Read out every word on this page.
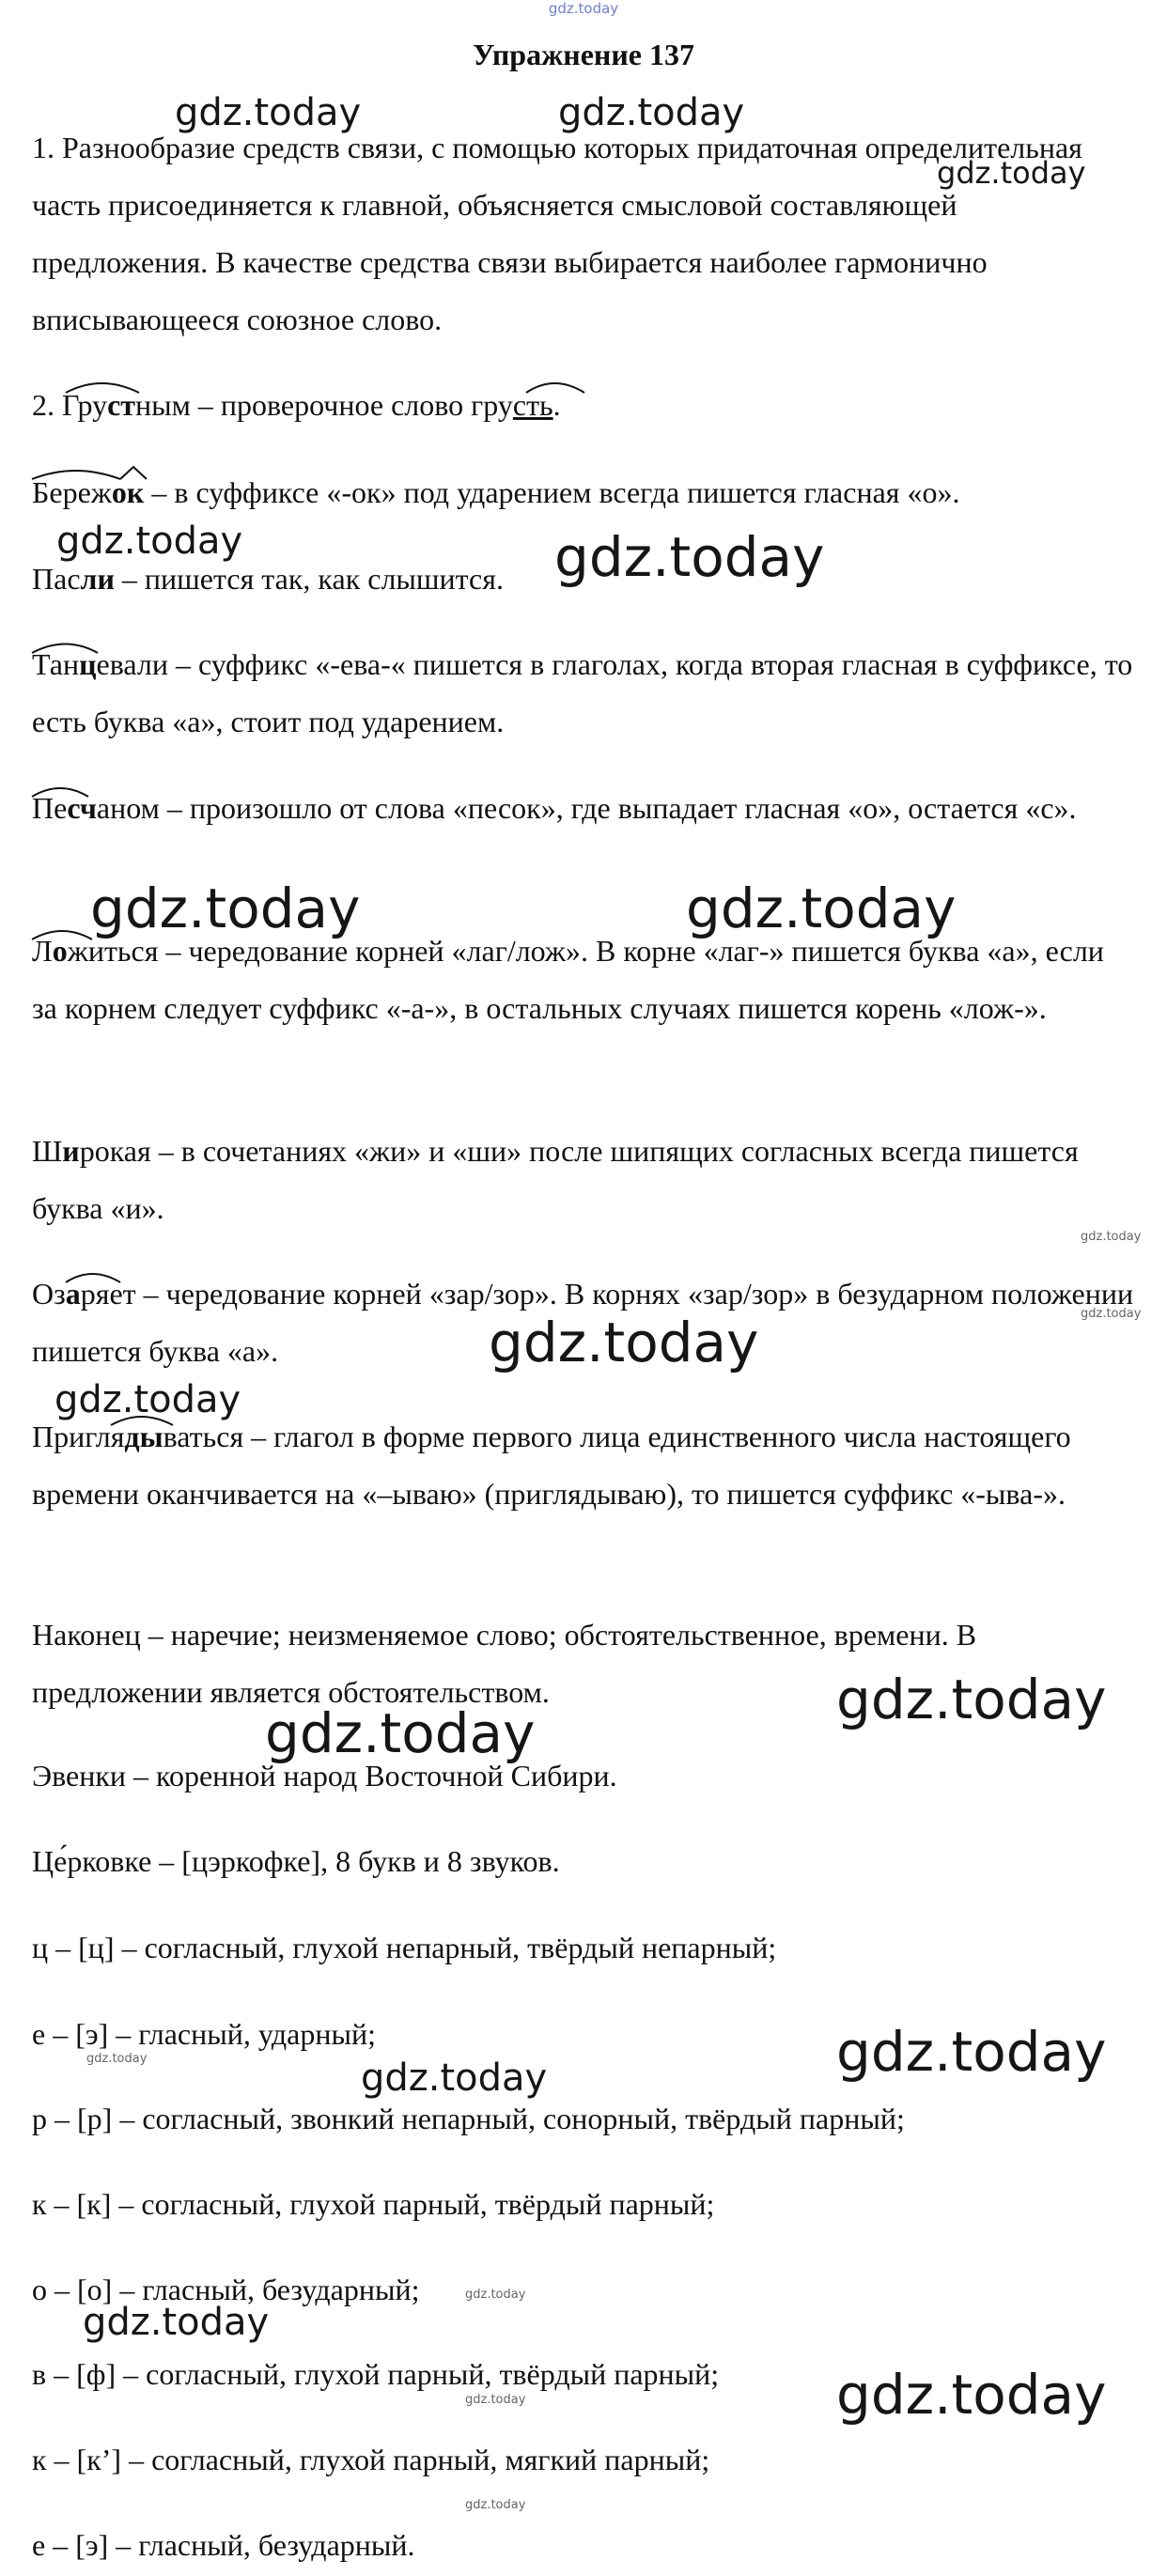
gdz.today
Упражнение 137
1. Разнообразие средств связи, с помощью которых придаточная определительная часть присоединяется к главной, объясняется смысловой составляющей предложения. В качестве средства связи выбирается наиболее гармонично вписывающееся союзное слово.
2. Грустным – проверочное слово грусть.
Бережок – в суффиксе «-ок» под ударением всегда пишется гласная «о».
Пасли – пишется так, как слышится.
Танцевали – суффикс «-ева-« пишется в глаголах, когда вторая гласная в суффиксе, то есть буква «а», стоит под ударением.
Песчаном – произошло от слова «песок», где выпадает гласная «о», остается «с».
Ложиться – чередование корней «лаг/лож». В корне «лаг-» пишется буква «а», если за корнем следует суффикс «-а-», в остальных случаях пишется корень «лож-».
Широкая – в сочетаниях «жи» и «ши» после шипящих согласных всегда пишется буква «и».
Озаряет – чередование корней «зар/зор». В корнях «зар/зор» в безударном положении пишется буква «а».
Приглядываться – глагол в форме первого лица единственного числа настоящего времени оканчивается на «–ываю» (приглядываю), то пишется суффикс «-ыва-».
Наконец – наречие; неизменяемое слово; обстоятельственное, времени. В предложении является обстоятельством.
Эвенки – коренной народ Восточной Сибири.
Це́рковке – [цэркофке], 8 букв и 8 звуков.
ц – [ц] – согласный, глухой непарный, твёрдый непарный;
е – [э] – гласный, ударный;
р – [р] – согласный, звонкий непарный, сонорный, твёрдый парный;
к – [к] – согласный, глухой парный, твёрдый парный;
о – [о] – гласный, безударный;
в – [ф] – согласный, глухой парный, твёрдый парный;
к – [к’] – согласный, глухой парный, мягкий парный;
е – [э] – гласный, безударный.
gdz.today	gdz.today
gdz.today
gdz.today	gdz.today
gdz.today	gdz.today
gdz.today
gdz.today
gdz.today
gdz.today
gdz.today
gdz.today
gdz.today
gdz.today	gdz.today
gdz.today
gdz.today
gdz.today
gdz.today
gdz.today
